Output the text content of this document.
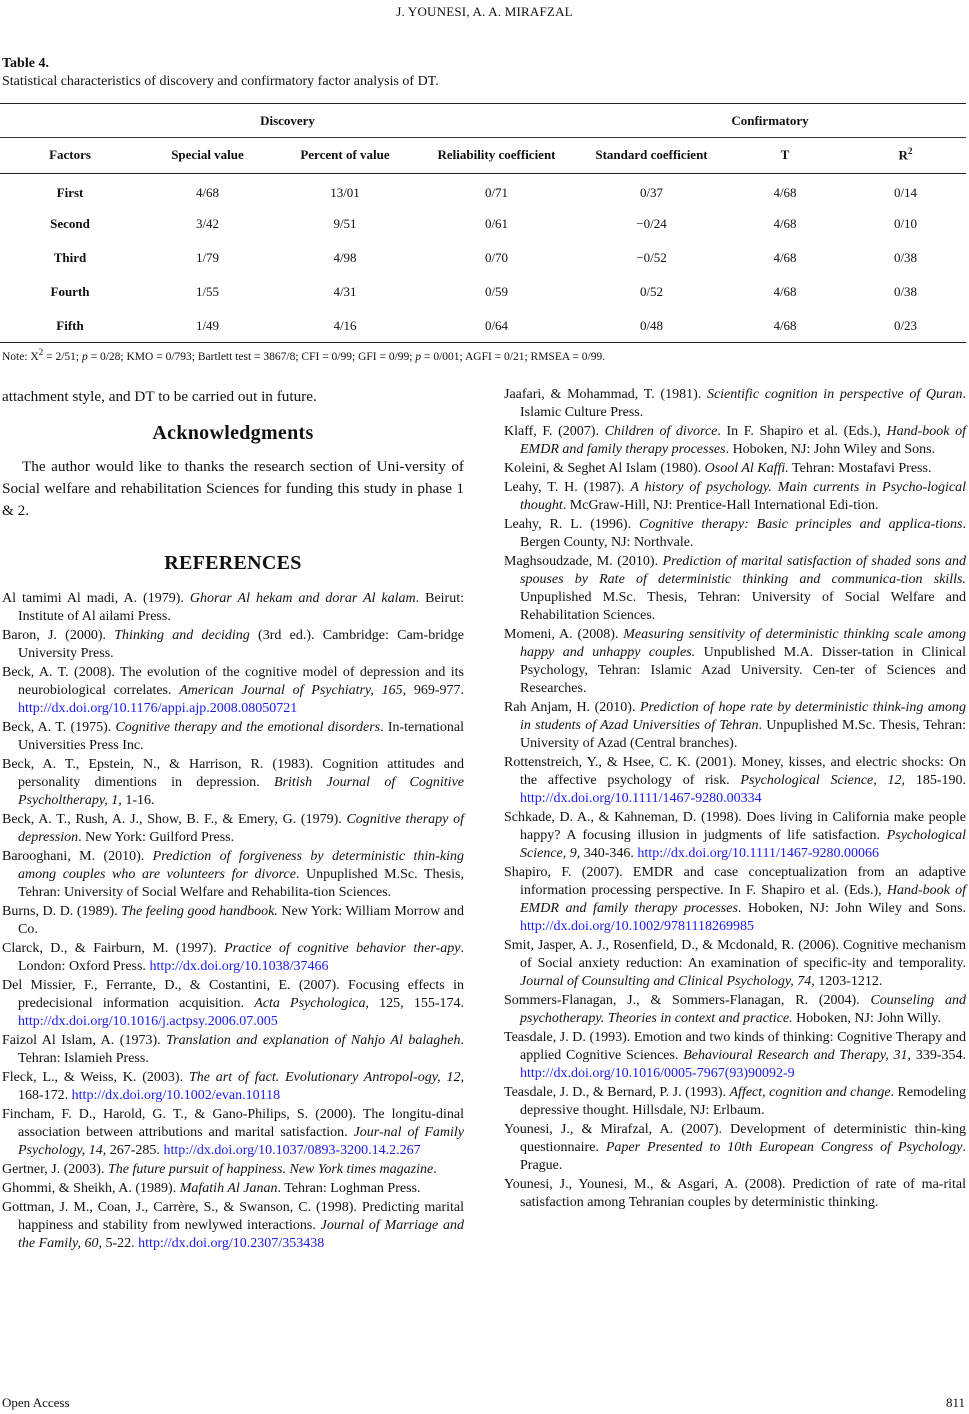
J. YOUNESI, A. A. MIRAFZAL
Table 4.
Statistical characteristics of discovery and confirmatory factor analysis of DT.
Discovery	Confirmatory
Factors	Special value	Percent of value	Reliability coefficient	Standard coefficient	T	$R^2$
First	4/68	13/01	0/71	0/37	4/68	0/14
Second	3/42	9/51	0/61	−0/24	4/68	0/10
Third	1/79	4/98	0/70	−0/52	4/68	0/38
Fourth	1/55	4/31	0/59	0/52	4/68	0/38
Fifth	1/49	4/16	0/64	0/48	4/68	0/23
Note: $X^2 = 2/51$; p = 0/28; KMO = 0/793; Bartlett test = 3867/8; CFI = 0/99; GFI = 0/99; p = 0/001; AGFI = 0/21; RMSEA = 0/99.

attachment style, and DT to be carried out in future.

Acknowledgments

The author would like to thanks the research section of Uni-versity of Social welfare and rehabilitation Sciences for funding this study in phase 1 & 2.

REFERENCES

Al tamimi Al madi, A. (1979). Ghorar Al hekam and dorar Al kalam. Beirut: Institute of Al ailami Press.

Baron, J. (2000). Thinking and deciding (3rd ed.). Cambridge: Cam-bridge University Press.

Beck, A. T. (2008). The evolution of the cognitive model of depression and its neurobiological correlates. American Journal of Psychiatry, 165, 969-977. http://dx.doi.org/10.1176/appi.ajp.2008.08050721

Beck, A. T. (1975). Cognitive therapy and the emotional disorders. In-ternational Universities Press Inc.

Beck, A. T., Epstein, N., & Harrison, R. (1983). Cognition attitudes and personality dimentions in depression. British Journal of Cognitive Psycholtherapy, 1, 1-16.

Beck, A. T., Rush, A. J., Show, B. F., & Emery, G. (1979). Cognitive therapy of depression. New York: Guilford Press.

Barooghani, M. (2010). Prediction of forgiveness by deterministic thin-king among couples who are volunteers for divorce. Unpuplished M.Sc. Thesis, Tehran: University of Social Welfare and Rehabilita-tion Sciences.

Burns, D. D. (1989). The feeling good handbook. New York: William Morrow and Co.

Clarck, D., & Fairburn, M. (1997). Practice of cognitive behavior ther-apy. London: Oxford Press. http://dx.doi.org/10.1038/37466

Del Missier, F., Ferrante, D., & Costantini, E. (2007). Focusing effects in predecisional information acquisition. Acta Psychologica, 125, 155-174. http://dx.doi.org/10.1016/j.actpsy.2006.07.005

Faizol Al Islam, A. (1973). Translation and explanation of Nahjo Al balagheh. Tehran: Islamieh Press.

Fleck, L., & Weiss, K. (2003). The art of fact. Evolutionary Antropol-ogy, 12, 168-172. http://dx.doi.org/10.1002/evan.10118

Fincham, F. D., Harold, G. T., & Gano-Philips, S. (2000). The longitu-dinal association between attributions and marital satisfaction. Jour-nal of Family Psychology, 14, 267-285. http://dx.doi.org/10.1037/0893-3200.14.2.267

Gertner, J. (2003). The future pursuit of happiness. New York times magazine.

Ghommi, & Sheikh, A. (1989). Mafatih Al Janan. Tehran: Loghman Press.

Gottman, J. M., Coan, J., Carrère, S., & Swanson, C. (1998). Predicting marital happiness and stability from newlywed interactions. Journal of Marriage and the Family, 60, 5-22. http://dx.doi.org/10.2307/353438

Jaafari, & Mohammad, T. (1981). Scientific cognition in perspective of Quran. Islamic Culture Press.

Klaff, F. (2007). Children of divorce. In F. Shapiro et al. (Eds.), Hand-book of EMDR and family therapy processes. Hoboken, NJ: John Wiley and Sons.

Koleini, & Seghet Al Islam (1980). Osool Al Kaffi. Tehran: Mostafavi Press.

Leahy, T. H. (1987). A history of psychology. Main currents in Psycho-logical thought. McGraw-Hill, NJ: Prentice-Hall International Edi-tion.

Leahy, R. L. (1996). Cognitive therapy: Basic principles and applica-tions. Bergen County, NJ: Northvale.

Maghsoudzade, M. (2010). Prediction of marital satisfaction of shaded sons and spouses by Rate of deterministic thinking and communica-tion skills. Unpuplished M.Sc. Thesis, Tehran: University of Social Welfare and Rehabilitation Sciences.

Momeni, A. (2008). Measuring sensitivity of deterministic thinking scale among happy and unhappy couples. Unpublished M.A. Disser-tation in Clinical Psychology, Tehran: Islamic Azad University. Cen-ter of Sciences and Researches.

Rah Anjam, H. (2010). Prediction of hope rate by deterministic think-ing among in students of Azad Universities of Tehran. Unpuplished M.Sc. Thesis, Tehran: University of Azad (Central branches).

Rottenstreich, Y., & Hsee, C. K. (2001). Money, kisses, and electric shocks: On the affective psychology of risk. Psychological Science, 12, 185-190. http://dx.doi.org/10.1111/1467-9280.00334

Schkade, D. A., & Kahneman, D. (1998). Does living in California make people happy? A focusing illusion in judgments of life satisfaction. Psychological Science, 9, 340-346. http://dx.doi.org/10.1111/1467-9280.00066

Shapiro, F. (2007). EMDR and case conceptualization from an adaptive information processing perspective. In F. Shapiro et al. (Eds.), Hand-book of EMDR and family therapy processes. Hoboken, NJ: John Wiley and Sons. http://dx.doi.org/10.1002/9781118269985

Smit, Jasper, A. J., Rosenfield, D., & Mcdonald, R. (2006). Cognitive mechanism of Social anxiety reduction: An examination of specific-ity and temporality. Journal of Counsulting and Clinical Psychology, 74, 1203-1212.

Sommers-Flanagan, J., & Sommers-Flanagan, R. (2004). Counseling and psychotherapy. Theories in context and practice. Hoboken, NJ: John Willy.

Teasdale, J. D. (1993). Emotion and two kinds of thinking: Cognitive Therapy and applied Cognitive Sciences. Behavioural Research and Therapy, 31, 339-354. http://dx.doi.org/10.1016/0005-7967(93)90092-9

Teasdale, J. D., & Bernard, P. J. (1993). Affect, cognition and change. Remodeling depressive thought. Hillsdale, NJ: Erlbaum.

Younesi, J., & Mirafzal, A. (2007). Development of deterministic thin-king questionnaire. Paper Presented to 10th European Congress of Psychology. Prague.

Younesi, J., Younesi, M., & Asgari, A. (2008). Prediction of rate of ma-rital satisfaction among Tehranian couples by deterministic thinking.

Open Access	811
